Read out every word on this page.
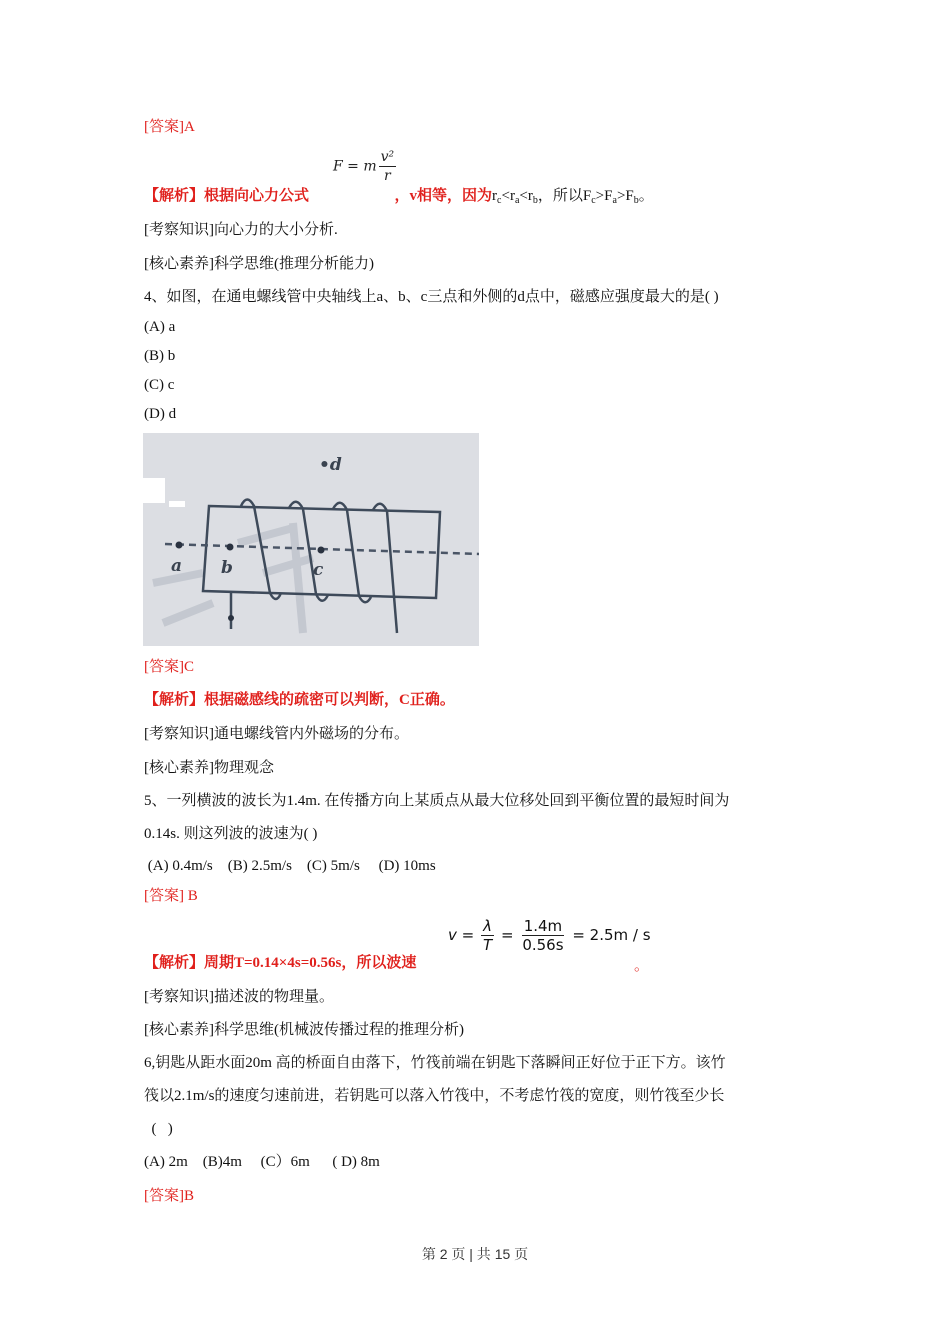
[答案]A
F = m $\frac{\text{v²}}{r}$
【解析】根据向心力公式	，v相等，因为$r_c<r_a<r_b$，所以$F_c>F_a>F_b$。
[考察知识]向心力的大小分析.
[核心素养]科学思维(推理分析能力)
4、如图，在通电螺线管中央轴线上a、b、c三点和外侧的d点中，磁感应强度最大的是( )
(A) a
(B) b
(C) c
(D) d
a b	c
•d
[答案]C
【解析】根据磁感线的疏密可以判断，C正确。
[考察知识]通电螺线管内外磁场的分布。
[核心素养]物理观念
5、一列横波的波长为1.4m. 在传播方向上某质点从最大位移处回到平衡位置的最短时间为
0.14s. 则这列波的波速为( )
(A) 0.4m/s    (B) 2.5m/s    (C) 5m/s     (D) 10ms
[答案] B
$v = \frac{\lambda}{T} = \frac{1.4m}{0.56s} = 2.5m / s$
【解析】周期T=0.14×4s=0.56s，所以波速	。
[考察知识]描述波的物理量。
[核心素养]科学思维(机械波传播过程的推理分析)
6,钥匙从距水面20m 高的桥面自由落下，竹筏前端在钥匙下落瞬间正好位于正下方。该竹
筏以2.1m/s的速度匀速前进，若钥匙可以落入竹筏中，不考虑竹筏的宽度，则竹筏至少长
(   )
(A) 2m    (B)4m     (C）6m      ( D) 8m
[答案]B
第 2 页 | 共 15 页
